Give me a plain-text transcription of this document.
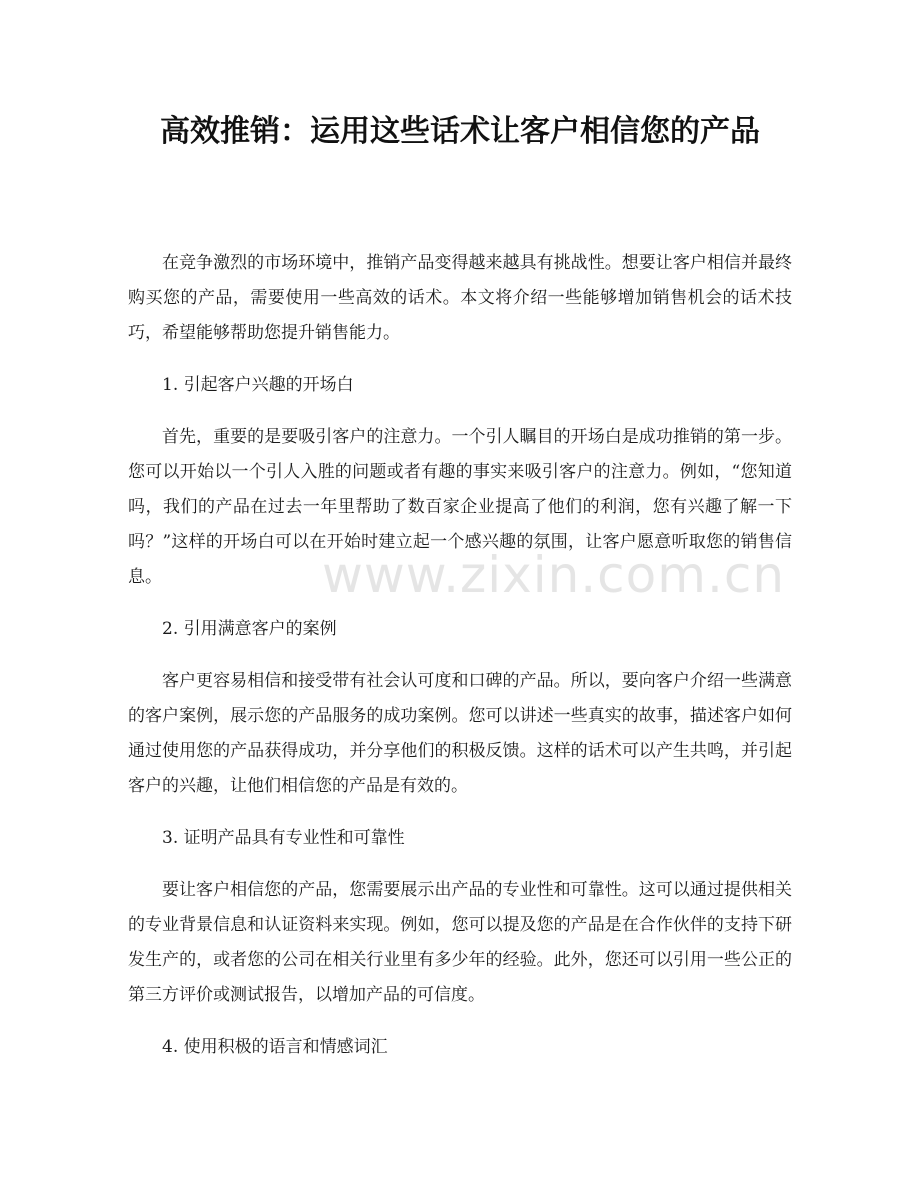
高效推销：运用这些话术让客户相信您的产品

在竞争激烈的市场环境中，推销产品变得越来越具有挑战性。想要让客户相信并最终购买您的产品，需要使用一些高效的话术。本文将介绍一些能够增加销售机会的话术技巧，希望能够帮助您提升销售能力。

1. 引起客户兴趣的开场白

首先，重要的是要吸引客户的注意力。一个引人瞩目的开场白是成功推销的第一步。您可以开始以一个引人入胜的问题或者有趣的事实来吸引客户的注意力。例如，“您知道吗，我们的产品在过去一年里帮助了数百家企业提高了他们的利润，您有兴趣了解一下吗？”这样的开场白可以在开始时建立起一个感兴趣的氛围，让客户愿意听取您的销售信息。

2. 引用满意客户的案例

客户更容易相信和接受带有社会认可度和口碑的产品。所以，要向客户介绍一些满意的客户案例，展示您的产品服务的成功案例。您可以讲述一些真实的故事，描述客户如何通过使用您的产品获得成功，并分享他们的积极反馈。这样的话术可以产生共鸣，并引起客户的兴趣，让他们相信您的产品是有效的。

3. 证明产品具有专业性和可靠性

要让客户相信您的产品，您需要展示出产品的专业性和可靠性。这可以通过提供相关的专业背景信息和认证资料来实现。例如，您可以提及您的产品是在合作伙伴的支持下研发生产的，或者您的公司在相关行业里有多少年的经验。此外，您还可以引用一些公正的第三方评价或测试报告，以增加产品的可信度。

4. 使用积极的语言和情感词汇

www.zixin.com.cn
